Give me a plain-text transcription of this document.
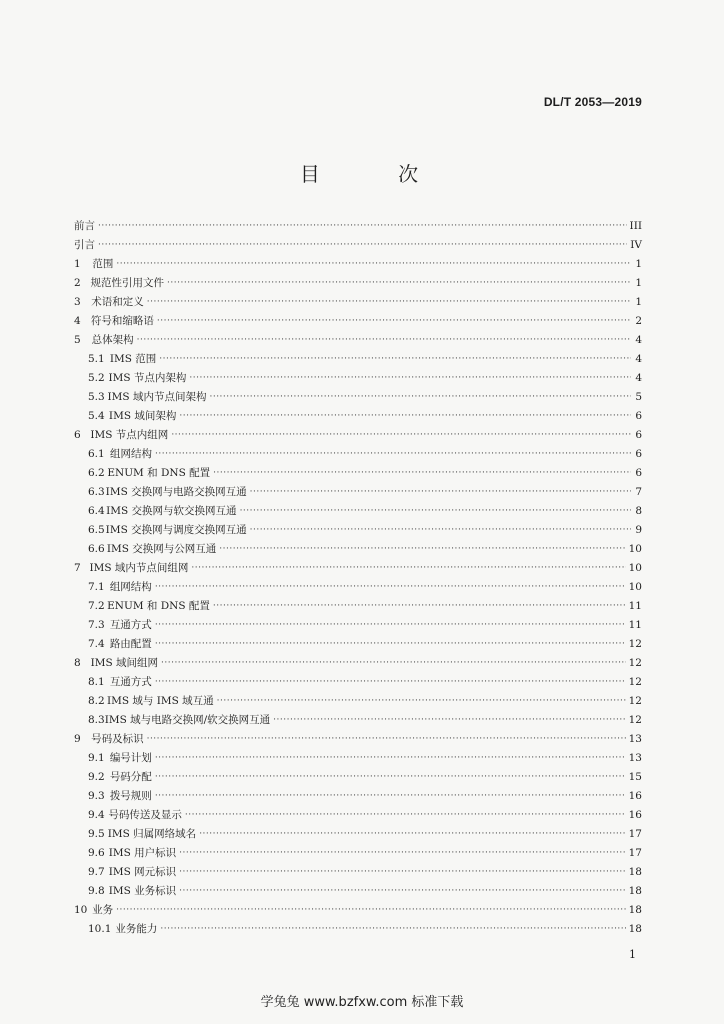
DL/T 2053—2019
目 次
前言 ·····	III
引言 ·····	IV
1	范围 ·····	1
2 规范性引用文件 ·····	1
3	术语和定义 ·····	1
4 符号和缩略语 ·····	2
5	总体架构 ·····	4
5.1 IMS 范围 ·····	4
5.2 IMS 节点内架构 ·····	4
5.3 IMS 域内节点间架构 ·····	5
5.4 IMS 域间架构 ·····	6
6 IMS 节点内组网 ·····	6
6.1 组网结构 ·····	6
6.2 ENUM 和 DNS 配置 ·····	6
6.3 IMS 交换网与电路交换网互通 ·····	7
6.4 IMS 交换网与软交换网互通 ·····	8
6.5 IMS 交换网与调度交换网互通 ·····	9
6.6 IMS 交换网与公网互通 ·····	10
7 IMS 域内节点间组网 ·····	10
7.1 组网结构 ·····	10
7.2 ENUM 和 DNS 配置 ·····	11
7.3 互通方式 ·····	11
7.4 路由配置 ·····	12
8 IMS 域间组网 ·····	12
8.1 互通方式 ·····	12
8.2 IMS 域与 IMS 域互通 ·····	12
8.3 IMS 域与电路交换网/软交换网互通 ·····	12
9 号码及标识 ·····	13
9.1 编号计划 ·····	13
9.2 号码分配 ·····	15
9.3 拨号规则 ·····	16
9.4 号码传送及显示 ·····	16
9.5 IMS 归属网络域名 ·····	17
9.6 IMS 用户标识 ·····	17
9.7 IMS 网元标识 ·····	18
9.8 IMS 业务标识 ·····	18
10 业务 ·····	18
10.1 业务能力 ·····	18
1
学兔兔 www.bzfxw.com 标准下载
